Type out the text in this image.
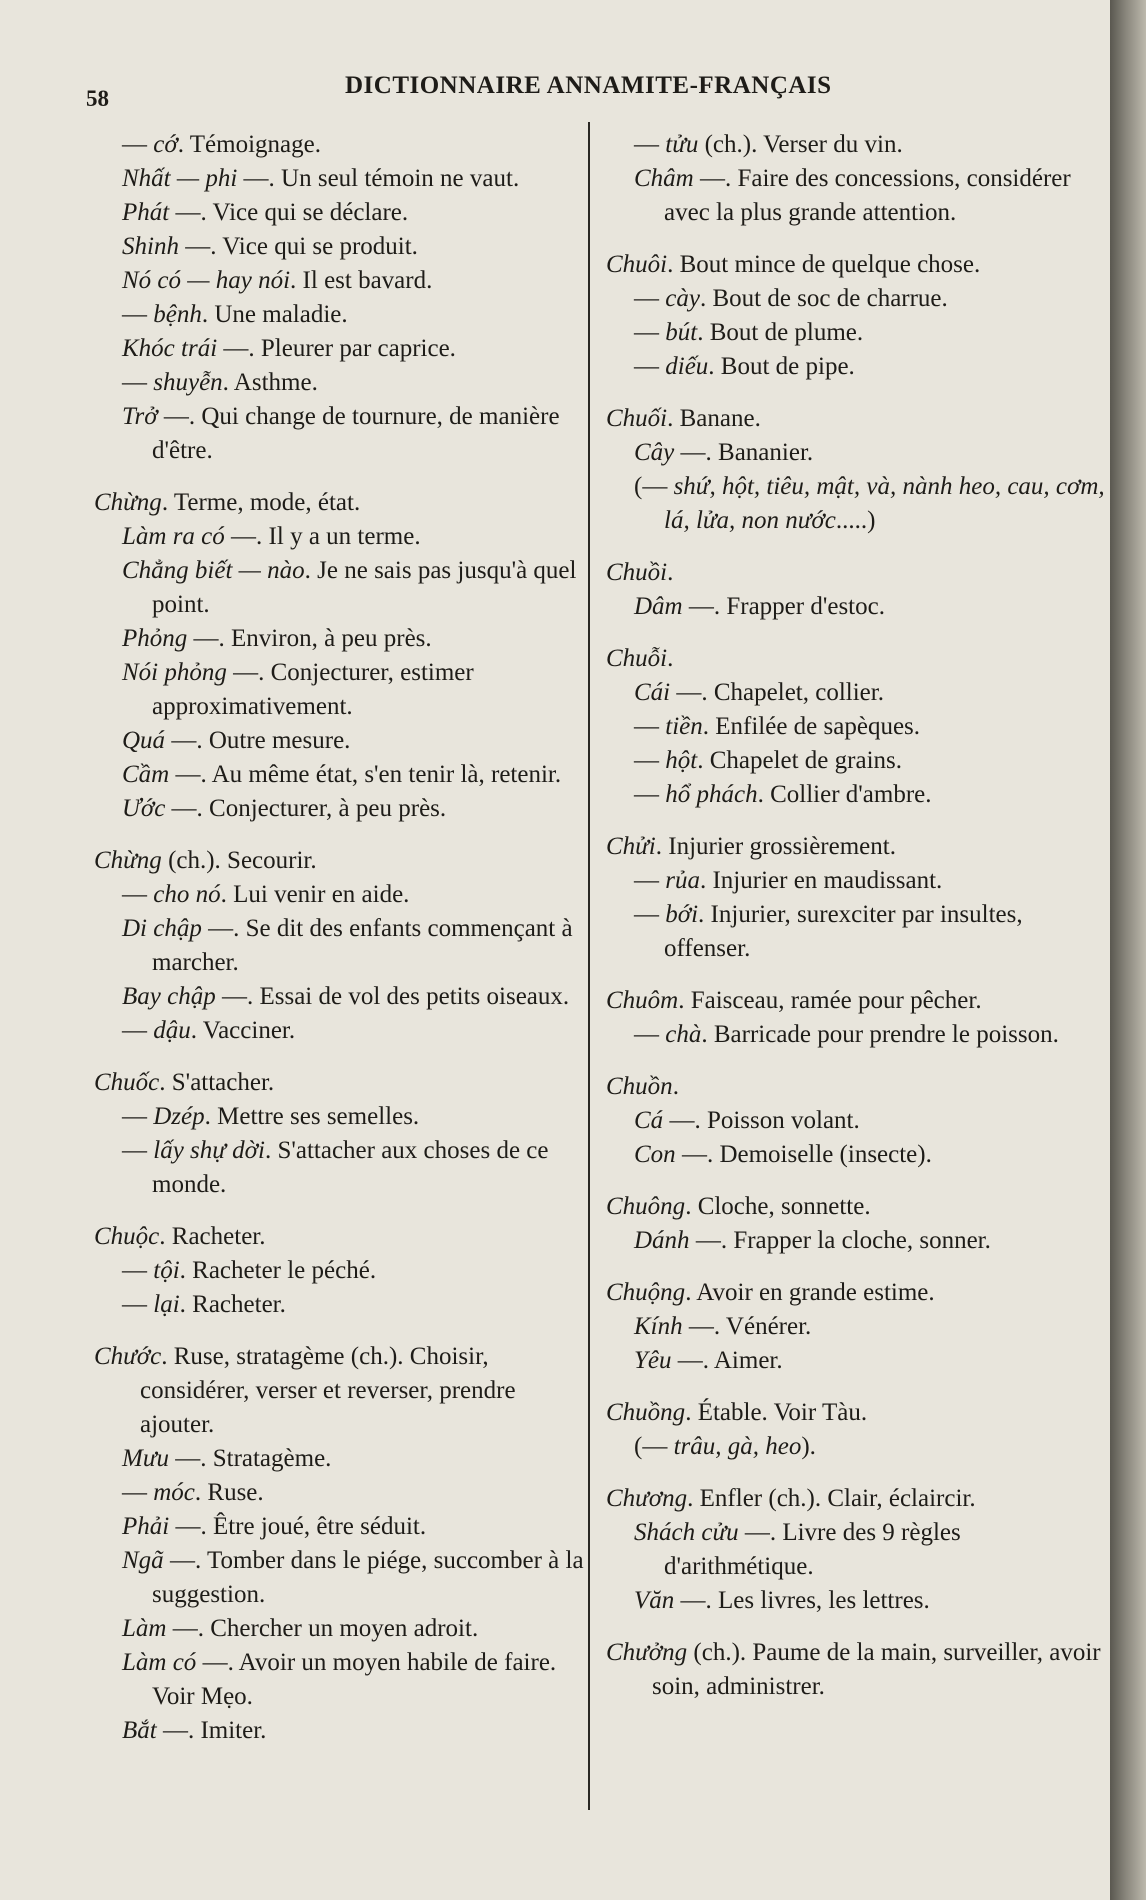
58	DICTIONNAIRE ANNAMITE-FRANÇAIS
— cớ. Témoignage.
Nhất — phi —. Un seul témoin ne vaut.
Phát —. Vice qui se déclare.
Shinh —. Vice qui se produit.
Nó có — hay nói. Il est bavard.
— bệnh. Une maladie.
Khóc trái —. Pleurer par caprice.
— shuyễn. Asthme.
Trở —. Qui change de tournure, de manière d'être.
Chừng. Terme, mode, état.
Làm ra có —. Il y a un terme.
Chẳng biết — nào. Je ne sais pas jusqu'à quel point.
Phỏng —. Environ, à peu près.
Nói phỏng —. Conjecturer, estimer approximativement.
Quá —. Outre mesure.
Cầm —. Au même état, s'en tenir là, retenir.
Ước —. Conjecturer, à peu près.
Chừng (ch.). Secourir.
— cho nó. Lui venir en aide.
Di chập —. Se dit des enfants commençant à marcher.
Bay chập —. Essai de vol des petits oiseaux.
— dậu. Vacciner.
Chuốc. S'attacher.
— Dzép. Mettre ses semelles.
— lấy shự dời. S'attacher aux choses de ce monde.
Chuộc. Racheter.
— tội. Racheter le péché.
— lại. Racheter.
Chước. Ruse, stratagème (ch.). Choisir, considérer, verser et reverser, prendre ajouter.
Mưu —. Stratagème.
— móc. Ruse.
Phải —. Être joué, être séduit.
Ngã —. Tomber dans le piége, succomber à la suggestion.
Làm —. Chercher un moyen adroit.
Làm có —. Avoir un moyen habile de faire. Voir Mẹo.
Bắt —. Imiter.
— tửu (ch.). Verser du vin.
Châm —. Faire des concessions, considérer avec la plus grande attention.
Chuôi. Bout mince de quelque chose.
— cày. Bout de soc de charrue.
— bút. Bout de plume.
— diếu. Bout de pipe.
Chuối. Banane.
Cây —. Bananier.
(— shứ, hột, tiêu, mật, và, nành heo, cau, cơm, lá, lửa, non nước.....)
Chuồi.
Dâm —. Frapper d'estoc.
Chuỗi.
Cái —. Chapelet, collier.
— tiền. Enfilée de sapèques.
— hột. Chapelet de grains.
— hổ phách. Collier d'ambre.
Chửi. Injurier grossièrement.
— rủa. Injurier en maudissant.
— bới. Injurier, surexciter par insultes, offenser.
Chuôm. Faisceau, ramée pour pêcher.
— chà. Barricade pour prendre le poisson.
Chuồn.
Cá —. Poisson volant.
Con —. Demoiselle (insecte).
Chuông. Cloche, sonnette.
Dánh —. Frapper la cloche, sonner.
Chuộng. Avoir en grande estime.
Kính —. Vénérer.
Yêu —. Aimer.
Chuồng. Étable. Voir Tàu.
(— trâu, gà, heo).
Chương. Enfler (ch.). Clair, éclaircir.
Shách cửu —. Livre des 9 règles d'arithmétique.
Văn —. Les livres, les lettres.
Chưởng (ch.). Paume de la main, surveiller, avoir soin, administrer.
